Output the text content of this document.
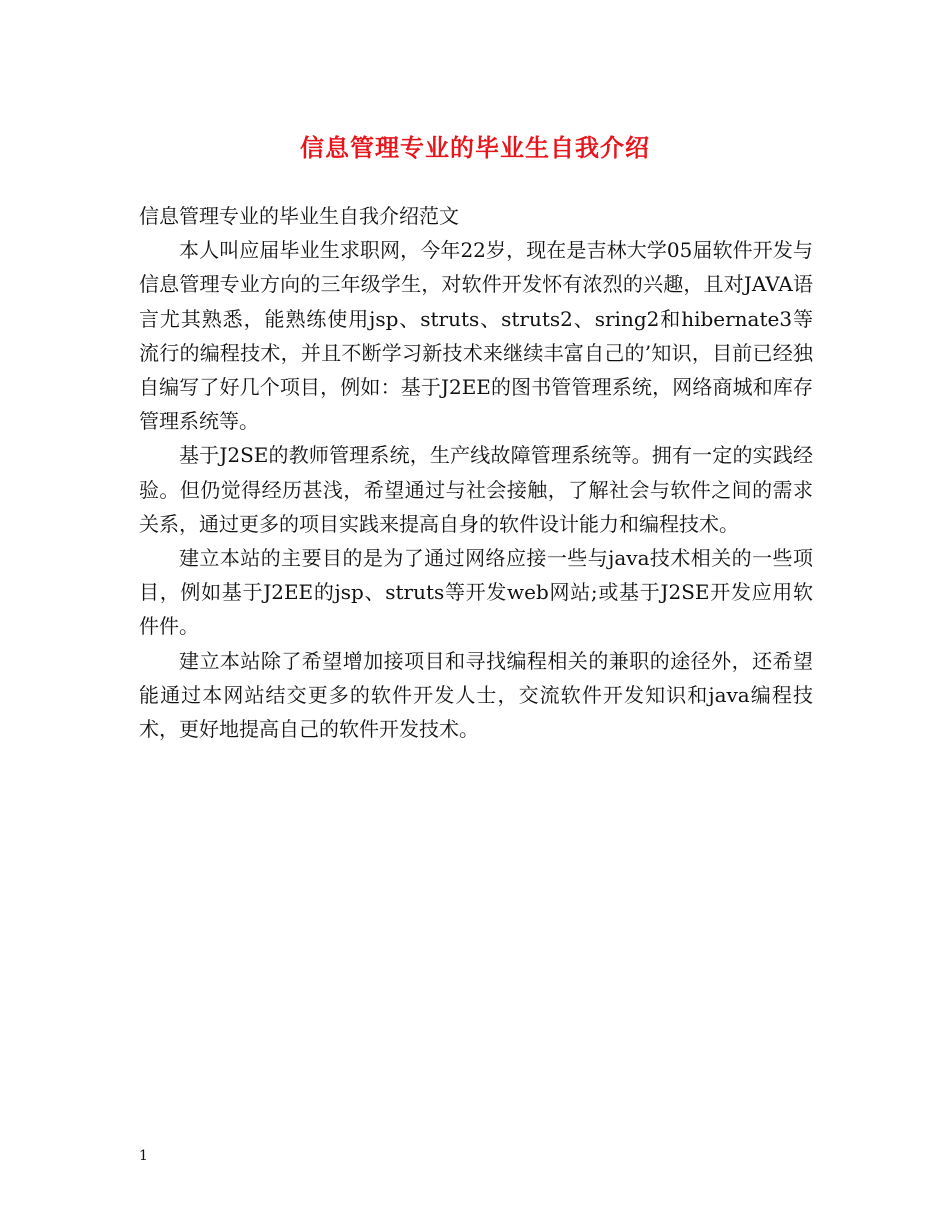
信息管理专业的毕业生自我介绍

信息管理专业的毕业生自我介绍范文

本人叫应届毕业生求职网，今年22岁，现在是吉林大学05届软件开发与信息管理专业方向的三年级学生，对软件开发怀有浓烈的兴趣，且对JAVA语言尤其熟悉，能熟练使用jsp、struts、struts2、sring2和hibernate3等流行的编程技术，并且不断学习新技术来继续丰富自己的’知识，目前已经独自编写了好几个项目，例如：基于J2EE的图书管管理系统，网络商城和库存管理系统等。

基于J2SE的教师管理系统，生产线故障管理系统等。拥有一定的实践经验。但仍觉得经历甚浅，希望通过与社会接触，了解社会与软件之间的需求关系，通过更多的项目实践来提高自身的软件设计能力和编程技术。

建立本站的主要目的是为了通过网络应接一些与java技术相关的一些项目，例如基于J2EE的jsp、struts等开发web网站;或基于J2SE开发应用软件件。

建立本站除了希望增加接项目和寻找编程相关的兼职的途径外，还希望能通过本网站结交更多的软件开发人士，交流软件开发知识和java编程技术，更好地提高自己的软件开发技术。

1
